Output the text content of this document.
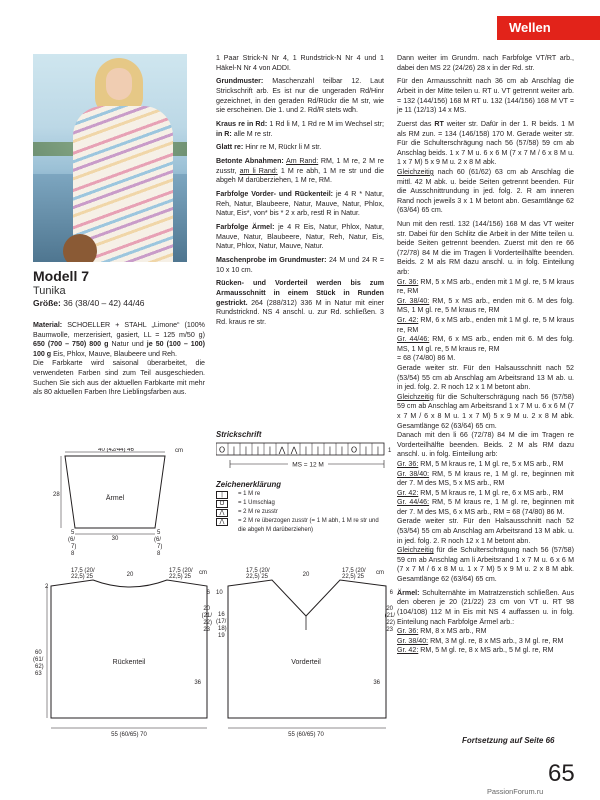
Wellen
Modell 7
Tunika
Größe: 36 (38/40 – 42) 44/46

Material: SCHOELLER + STAHL „Limone“ (100% Baumwolle, merzerisiert, gasiert, LL = 125 m/50 g) 650 (700 – 750) 800 g Natur und je 50 (100 – 100) 100 g Eis, Phlox, Mauve, Blaubeere und Reh.
Die Farbkarte wird saisonal überarbeitet, die verwendeten Farben sind zum Teil ausgeschieden. Suchen Sie sich aus der aktuellen Farbkarte mit mehr als 80 aktuellen Farben Ihre Lieblingsfarben aus.

1 Paar Strick-N Nr 4, 1 Rundstrick-N Nr 4 und 1 Häkel-N Nr 4 von ADDI.

Grundmuster: Maschenzahl teilbar 12. Laut Strickschrift arb. Es ist nur die ungeraden Rd/Hinr gezeichnet, in den geraden Rd/Rückr die M str, wie sie erscheinen. Die 1. und 2. Rd/R stets wdh.

Kraus re in Rd: 1 Rd li M, 1 Rd re M im Wechsel str; in R: alle M re str.

Glatt re: Hinr re M, Rückr li M str.

Betonte Abnahmen: Am Rand: RM, 1 M re, 2 M re zusstr, am li Rand: 1 M re abh, 1 M re str und die abgeh M darüberziehen, 1 M re, RM.

Farbfolge Vorder- und Rückenteil: je 4 R * Natur, Reh, Natur, Blaubeere, Natur, Mauve, Natur, Phlox, Natur, Eis*, von* bis * 2 x arb, restl R in Natur.

Farbfolge Ärmel: je 4 R Eis, Natur, Phlox, Natur, Mauve, Natur, Blaubeere, Natur, Reh, Natur, Eis, Natur, Phlox, Natur, Mauve, Natur.

Maschenprobe im Grundmuster: 24 M und 24 R = 10 x 10 cm.

Rücken- und Vorderteil werden bis zum Armausschnitt in einem Stück in Runden gestrickt. 264 (288/312) 336 M in Natur mit einer Rundstricknd. NS 4 anschl. u. zur Rd. schließen. 3 Rd. kraus re str.

Strickschrift
O | | | | ⋀ ⋀ | | | | O | | 1
MS = 12 M
Zeichenerklärung
|	= 1 M re
O	= 1 Umschlag
⋀	= 2 M re zusstr
⋀	= 2 M re überzogen zusstr (= 1 M abh, 1 M re str und die abgeh M darüberziehen)

Dann weiter im Grundm. nach Farbfolge VT/RT arb., dabei den MS 22 (24/26) 28 x in der Rd. str.

Für den Armausschnitt nach 36 cm ab Anschlag die Arbeit in der Mitte teilen u. RT u. VT getrennt weiter arb. = 132 (144/156) 168 M RT u. 132 (144/156) 168 M VT = je 11 (12/13) 14 x MS.

Zuerst das RT weiter str. Dafür in der 1. R beids. 1 M als RM zun. = 134 (146/158) 170 M. Gerade weiter str. Für die Schulterschrägung nach 56 (57/58) 59 cm ab Anschlag beids. 1 x 7 M u. 6 x 6 M (7 x 7 M / 6 x 8 M u. 1 x 7 M) 5 x 9 M u. 2 x 8 M abk.
Gleichzeitig nach 60 (61/62) 63 cm ab Anschlag die mittl. 42 M abk. u. beide Seiten getrennt beenden. Für die Ausschnittrundung in jed. folg. 2. R am inneren Rand noch jeweils 3 x 1 M betont abn. Gesamtlänge 62 (63/64) 65 cm.

Nun mit den restl. 132 (144/156) 168 M das VT weiter str. Dabei für den Schlitz die Arbeit in der Mitte teilen u. beide Seiten getrennt beenden. Zuerst mit den re 66 (72/78) 84 M die im Tragen li Vorderteilhälfte beenden. Beids. 2 M als RM dazu anschl. u. in folg. Einteilung arb:
Gr. 36: RM, 5 x MS arb., enden mit 1 M gl. re, 5 M kraus re, RM
Gr. 38/40: RM, 5 x MS arb., enden mit 6. M des folg. MS, 1 M gl. re, 5 M kraus re, RM
Gr. 42: RM, 6 x MS arb., enden mit 1 M gl. re, 5 M kraus re, RM
Gr. 44/46: RM, 6 x MS arb., enden mit 6. M des folg. MS, 1 M gl. re, 5 M kraus re, RM
= 68 (74/80) 86 M.
Gerade weiter str. Für den Halsausschnitt nach 52 (53/54) 55 cm ab Anschlag am Arbeitsrand 13 M ab. u. in jed. folg. 2. R noch 12 x 1 M betont abn.
Gleichzeitig für die Schulterschrägung nach 56 (57/58) 59 cm ab Anschlag am Arbeitsrand 1 x 7 M u. 6 x 6 M (7 x 7 M / 6 x 8 M u. 1 x 7 M) 5 x 9 M u. 2 x 8 M abk. Gesamtlänge 62 (63/64) 65 cm.
Danach mit den li 66 (72/78) 84 M die im Tragen re Vorderteilhälfte beenden. Beids. 2 M als RM dazu anschl. u. in folg. Einteilung arb:
Gr. 36: RM, 5 M kraus re, 1 M gl. re, 5 x MS arb., RM
Gr. 38/40: RM, 5 M kraus re, 1 M gl. re, beginnen mit der 7. M des MS, 5 x MS arb., RM
Gr. 42: RM, 5 M kraus re, 1 M gl. re, 6 x MS arb., RM
Gr. 44/46: RM, 5 M kraus re, 1 M gl. re, beginnen mit der 7. M des MS, 6 x MS arb., RM = 68 (74/80) 86 M.
Gerade weiter str. Für den Halsausschnitt nach 52 (53/54) 55 cm ab Anschlag am Arbeitsrand 13 M abk. u. in jed. folg. 2. R noch 12 x 1 M betont abn.
Gleichzeitig für die Schulterschrägung nach 56 (57/58) 59 cm ab Anschlag am li Arbeitsrand 1 x 7 M u. 6 x 6 M (7 x 7 M / 6 x 8 M u. 1 x 7 M) 5 x 9 M u. 2 x 8 M abk. Gesamtlänge 62 (63/64) 65 cm.

Ärmel: Schulternähte im Matratzenstich schließen. Aus den oberen je 20 (21/22) 23 cm von VT u. RT 98 (104/108) 112 M in Eis mit NS 4 auffassen u. in folg. Einteilung nach Farbfolge Ärmel arb.:
Gr. 36: RM, 8 x MS arb., RM
Gr. 38/40: RM, 3 M gl. re, 8 x MS arb., 3 M gl. re, RM
Gr. 42: RM, 5 M gl. re, 8 x MS arb., 5 M gl. re, RM

40 (42/44) 46	cm
28	Ärmel
30
5
(6/
7)
8
5
(6/
7)
8
17,5 (20/
22,5) 25	20
17,5 (20/
22,5) 25
cm
2
60
(61/
62)
63
Rückenteil
6
20
(21/
22)
23
36
55 (60/65) 70
17,5 (20/
22,5) 25	20
17,5 (20/
22,5) 25
cm
10
16
(17/
18)
19
Vorderteil
6
20
(21/
22)
23
36
55 (60/65) 70
Fortsetzung auf Seite 66
65
PassionForum.ru
